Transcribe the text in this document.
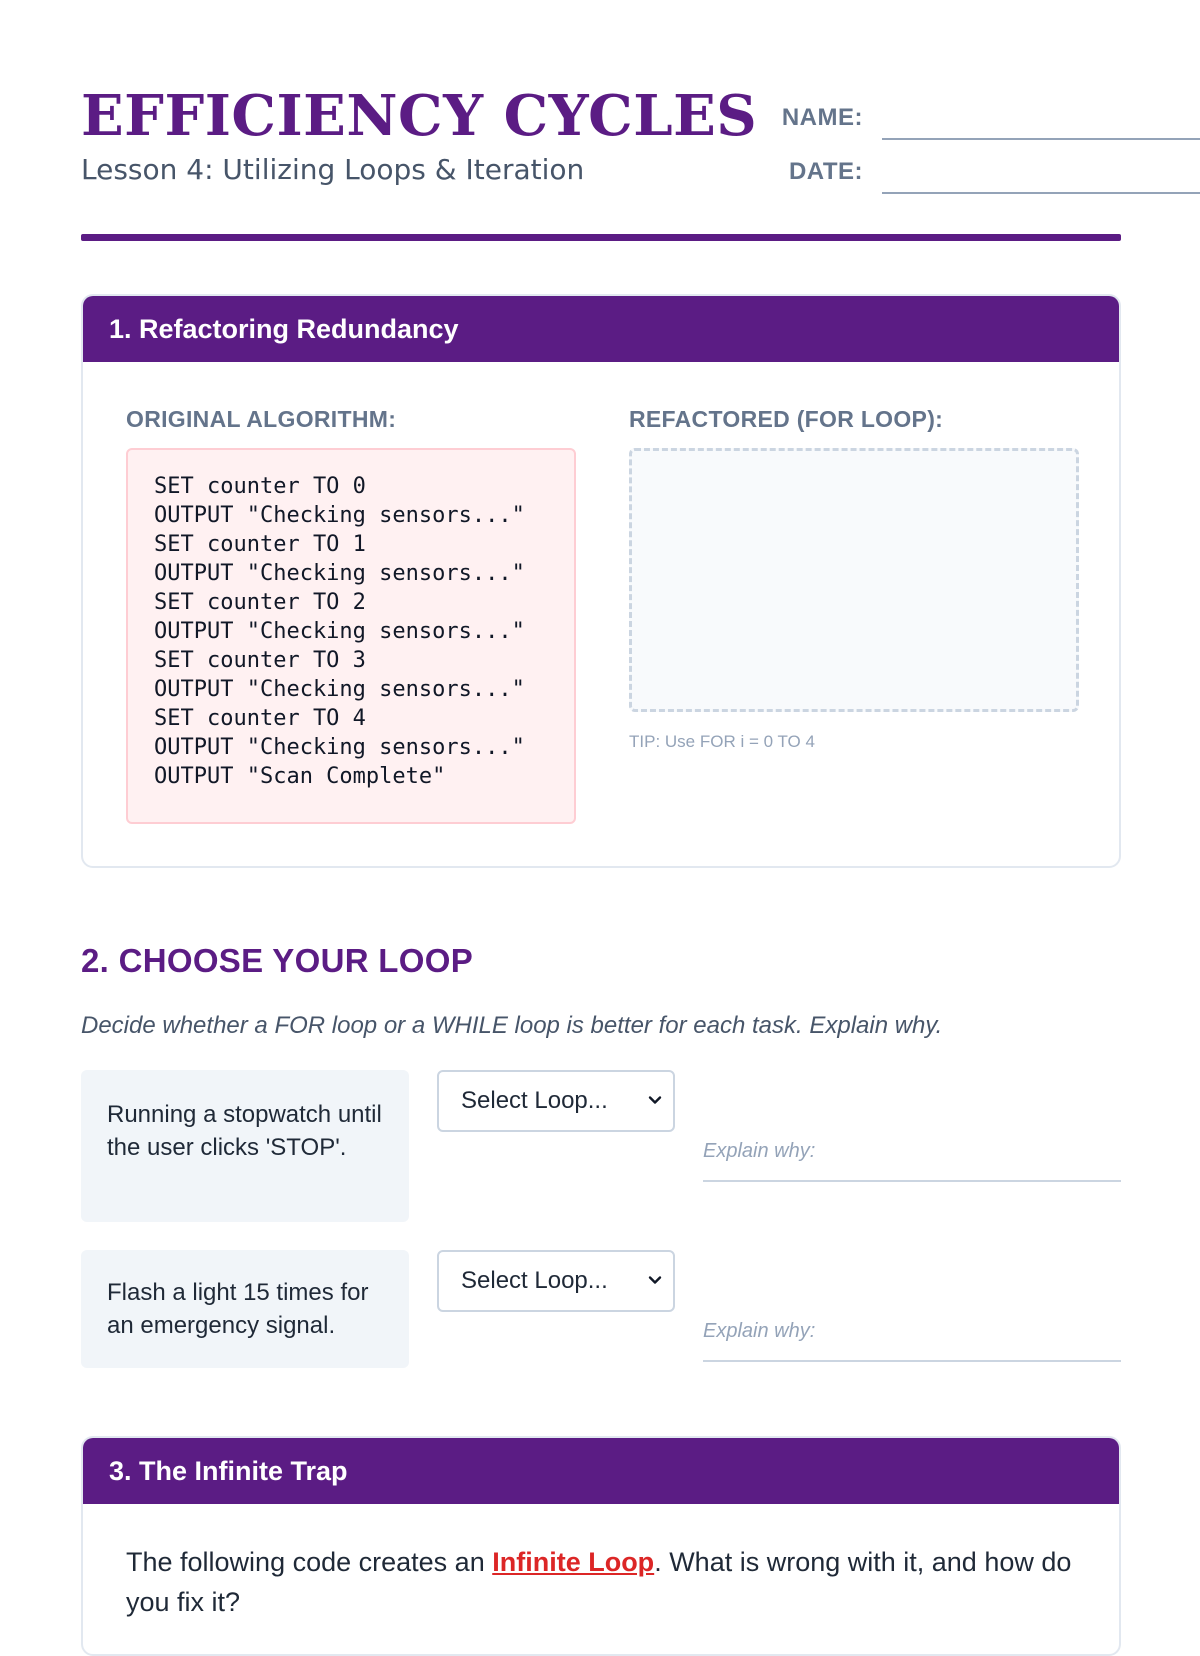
EFFICIENCY CYCLES
Lesson 4: Utilizing Loops & Iteration
NAME:
DATE:
1. Refactoring Redundancy
ORIGINAL ALGORITHM:	REFACTORED (FOR LOOP):
SET counter TO 0
OUTPUT "Checking sensors..."
SET counter TO 1
OUTPUT "Checking sensors..."
SET counter TO 2
OUTPUT "Checking sensors..."
SET counter TO 3
OUTPUT "Checking sensors..."
SET counter TO 4
OUTPUT "Checking sensors..."
OUTPUT "Scan Complete"
TIP: Use FOR i = 0 TO 4
2. CHOOSE YOUR LOOP
Decide whether a FOR loop or a WHILE loop is better for each task. Explain why.
Running a stopwatch until the user clicks 'STOP'.
Select Loop...
Explain why:
Flash a light 15 times for an emergency signal.
Select Loop...
Explain why:
3. The Infinite Trap
The following code creates an Infinite Loop. What is wrong with it, and how do you fix it?
